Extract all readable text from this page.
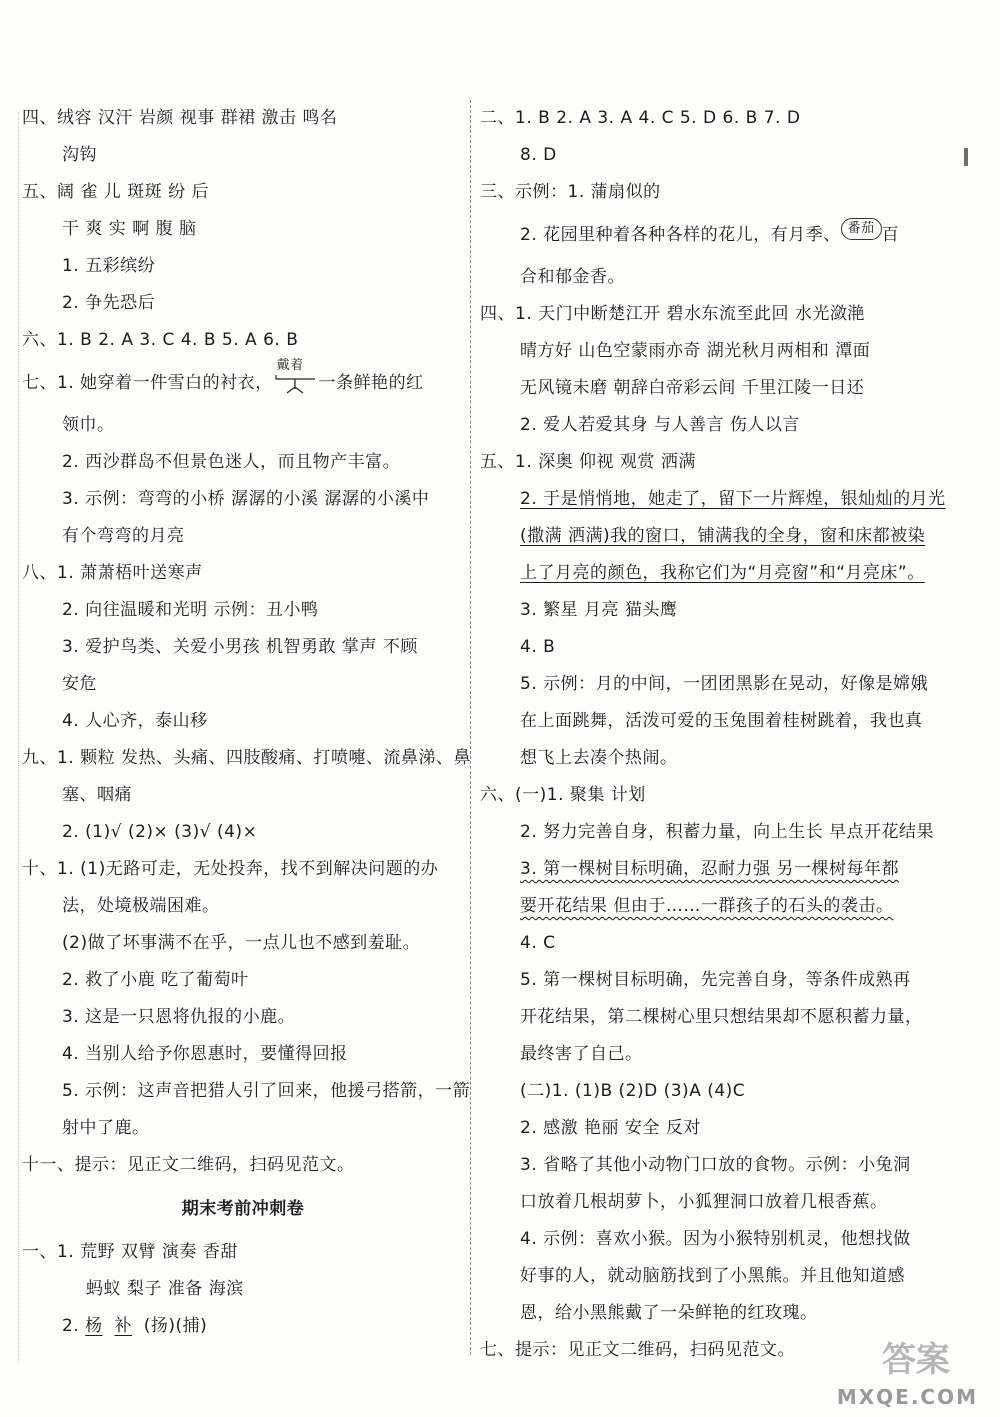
四、绒容 汉汗 岩颜 视事 群裙 激击 鸣名
沟钩
五、阔 雀 儿 斑斑 纷 后
干 爽 实 啊 腹 脑
1. 五彩缤纷
2. 争先恐后
六、1. B 2. A 3. C 4. B 5. A 6. B
七、1. 她穿着一件雪白的衬衣，
戴着
一条鲜艳的红
领巾。
2. 西沙群岛不但景色迷人，而且物产丰富。
3. 示例：弯弯的小桥 潺潺的小溪 潺潺的小溪中
有个弯弯的月亮
八、1. 萧萧梧叶送寒声
2. 向往温暖和光明 示例：丑小鸭
3. 爱护鸟类、关爱小男孩 机智勇敢 掌声 不顾
安危
4. 人心齐，泰山移
九、1. 颗粒 发热、头痛、四肢酸痛、打喷嚏、流鼻涕、鼻
塞、咽痛
2. (1)√ (2)× (3)√ (4)×
十、1. (1)无路可走，无处投奔，找不到解决问题的办
法，处境极端困难。
(2)做了坏事满不在乎，一点儿也不感到羞耻。
2. 救了小鹿 吃了葡萄叶
3. 这是一只恩将仇报的小鹿。
4. 当别人给予你恩惠时，要懂得回报
5. 示例：这声音把猎人引了回来，他援弓搭箭，一箭
射中了鹿。
十一、提示：见正文二维码，扫码见范文。
期末考前冲刺卷
一、1. 荒野 双臂 演奏 香甜
蚂蚁 梨子 准备 海滨
2. 杨 补 (扬)(捕)
二、1. B 2. A 3. A 4. C 5. D 6. B 7. D
8. D
三、示例：1. 蒲扇似的
2. 花园里种着各种各样的花儿，有月季、 番茄 百
合和郁金香。
四、1. 天门中断楚江开 碧水东流至此回 水光潋滟
晴方好 山色空蒙雨亦奇 湖光秋月两相和 潭面
无风镜未磨 朝辞白帝彩云间 千里江陵一日还
2. 爱人若爱其身 与人善言 伤人以言
五、1. 深奥 仰视 观赏 洒满
2. 于是悄悄地，她走了，留下一片辉煌，银灿灿的月光
(撒满 洒满)我的窗口，铺满我的全身，窗和床都被染
上了月亮的颜色，我称它们为“月亮窗”和“月亮床”。
3. 繁星 月亮 猫头鹰
4. B
5. 示例：月的中间，一团团黑影在晃动，好像是嫦娥
在上面跳舞，活泼可爱的玉兔围着桂树跳着，我也真
想飞上去凑个热闹。
六、(一)1. 聚集 计划
2. 努力完善自身，积蓄力量，向上生长 早点开花结果
3. 第一棵树目标明确，忍耐力强 另一棵树每年都
要开花结果 但由于……一群孩子的石头的袭击。
4. C
5. 第一棵树目标明确，先完善自身，等条件成熟再
开花结果，第二棵树心里只想结果却不愿积蓄力量，
最终害了自己。
(二)1. (1)B (2)D (3)A (4)C
2. 感激 艳丽 安全 反对
3. 省略了其他小动物门口放的食物。示例：小兔洞
口放着几根胡萝卜，小狐狸洞口放着几根香蕉。
4. 示例：喜欢小猴。因为小猴特别机灵，他想找做
好事的人，就动脑筋找到了小黑熊。并且他知道感
恩，给小黑熊戴了一朵鲜艳的红玫瑰。
七、提示：见正文二维码，扫码见范文。	答案
MXQE.COM
